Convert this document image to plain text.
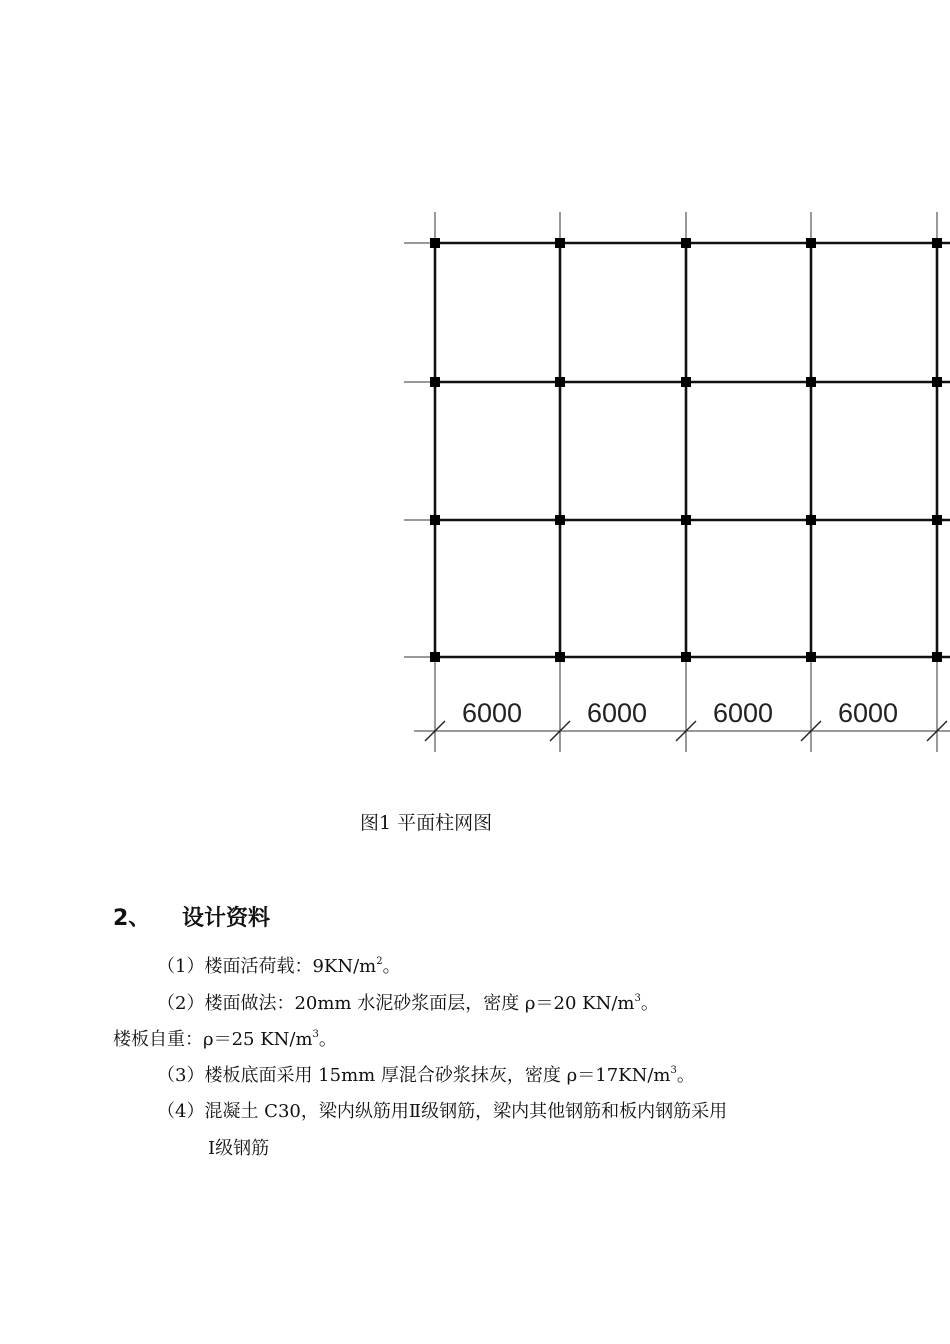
6000 6000 6000 6000
图1 平面柱网图
2、 设计资料
（1）楼面活荷载：$9KN/m^2$。
（2）楼面做法：20mm 水泥砂浆面层，密度 ρ＝20 $KN/m^3$。
楼板自重：ρ＝25 $KN/m^3$。
（3）楼板底面采用 15mm 厚混合砂浆抹灰，密度 $\rho=17KN/m^3$。
（4）混凝土 C30，梁内纵筋用Ⅱ级钢筋，梁内其他钢筋和板内钢筋采用
Ⅰ级钢筋
